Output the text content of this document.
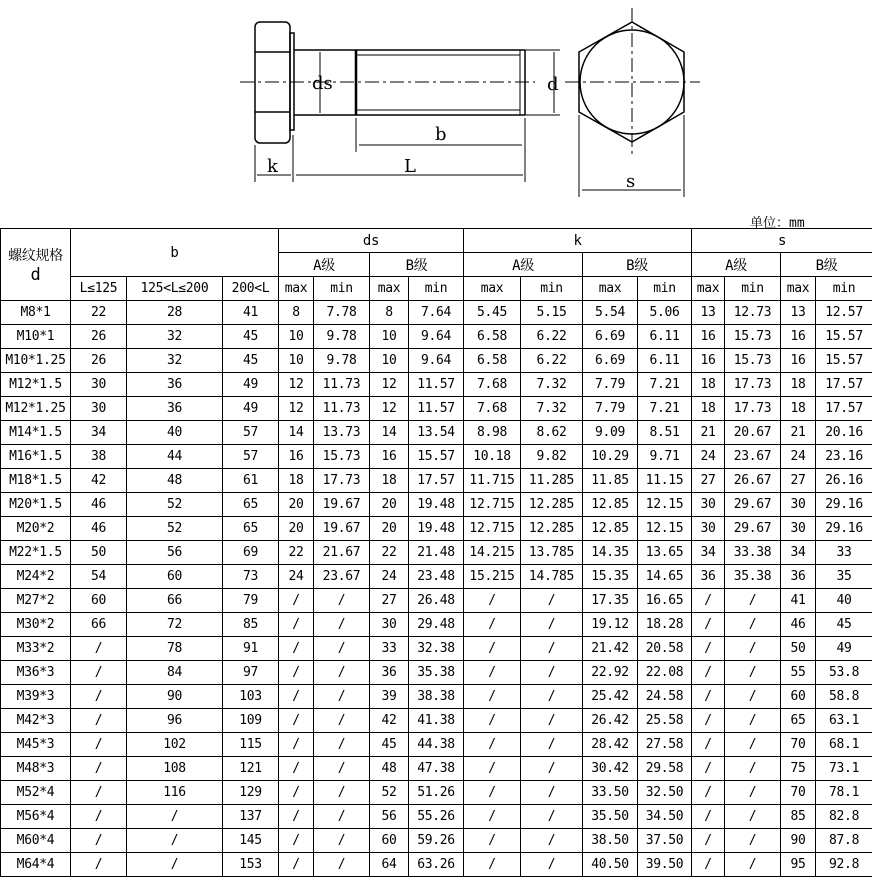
ds	d
b
k	L
s
单位：mm
螺纹规格
d	b			ds				k				s			
				A级		B级		A级		B级		A级		B级	
	L≤125	125<L≤200	200<L	max	min	max	min	max	min	max	min	max	min	max	min
M8*1	22	28	41	8	7.78	8	7.64	5.45	5.15	5.54	5.06	13	12.73	13	12.57
M10*1	26	32	45	10	9.78	10	9.64	6.58	6.22	6.69	6.11	16	15.73	16	15.57
M10*1.25	26	32	45	10	9.78	10	9.64	6.58	6.22	6.69	6.11	16	15.73	16	15.57
M12*1.5	30	36	49	12	11.73	12	11.57	7.68	7.32	7.79	7.21	18	17.73	18	17.57
M12*1.25	30	36	49	12	11.73	12	11.57	7.68	7.32	7.79	7.21	18	17.73	18	17.57
M14*1.5	34	40	57	14	13.73	14	13.54	8.98	8.62	9.09	8.51	21	20.67	21	20.16
M16*1.5	38	44	57	16	15.73	16	15.57	10.18	9.82	10.29	9.71	24	23.67	24	23.16
M18*1.5	42	48	61	18	17.73	18	17.57	11.715	11.285	11.85	11.15	27	26.67	27	26.16
M20*1.5	46	52	65	20	19.67	20	19.48	12.715	12.285	12.85	12.15	30	29.67	30	29.16
M20*2	46	52	65	20	19.67	20	19.48	12.715	12.285	12.85	12.15	30	29.67	30	29.16
M22*1.5	50	56	69	22	21.67	22	21.48	14.215	13.785	14.35	13.65	34	33.38	34	33
M24*2	54	60	73	24	23.67	24	23.48	15.215	14.785	15.35	14.65	36	35.38	36	35
M27*2	60	66	79	/	/	27	26.48	/	/	17.35	16.65	/	/	41	40
M30*2	66	72	85	/	/	30	29.48	/	/	19.12	18.28	/	/	46	45
M33*2	/	78	91	/	/	33	32.38	/	/	21.42	20.58	/	/	50	49
M36*3	/	84	97	/	/	36	35.38	/	/	22.92	22.08	/	/	55	53.8
M39*3	/	90	103	/	/	39	38.38	/	/	25.42	24.58	/	/	60	58.8
M42*3	/	96	109	/	/	42	41.38	/	/	26.42	25.58	/	/	65	63.1
M45*3	/	102	115	/	/	45	44.38	/	/	28.42	27.58	/	/	70	68.1
M48*3	/	108	121	/	/	48	47.38	/	/	30.42	29.58	/	/	75	73.1
M52*4	/	116	129	/	/	52	51.26	/	/	33.50	32.50	/	/	70	78.1
M56*4	/	/	137	/	/	56	55.26	/	/	35.50	34.50	/	/	85	82.8
M60*4	/	/	145	/	/	60	59.26	/	/	38.50	37.50	/	/	90	87.8
M64*4	/	/	153	/	/	64	63.26	/	/	40.50	39.50	/	/	95	92.8
